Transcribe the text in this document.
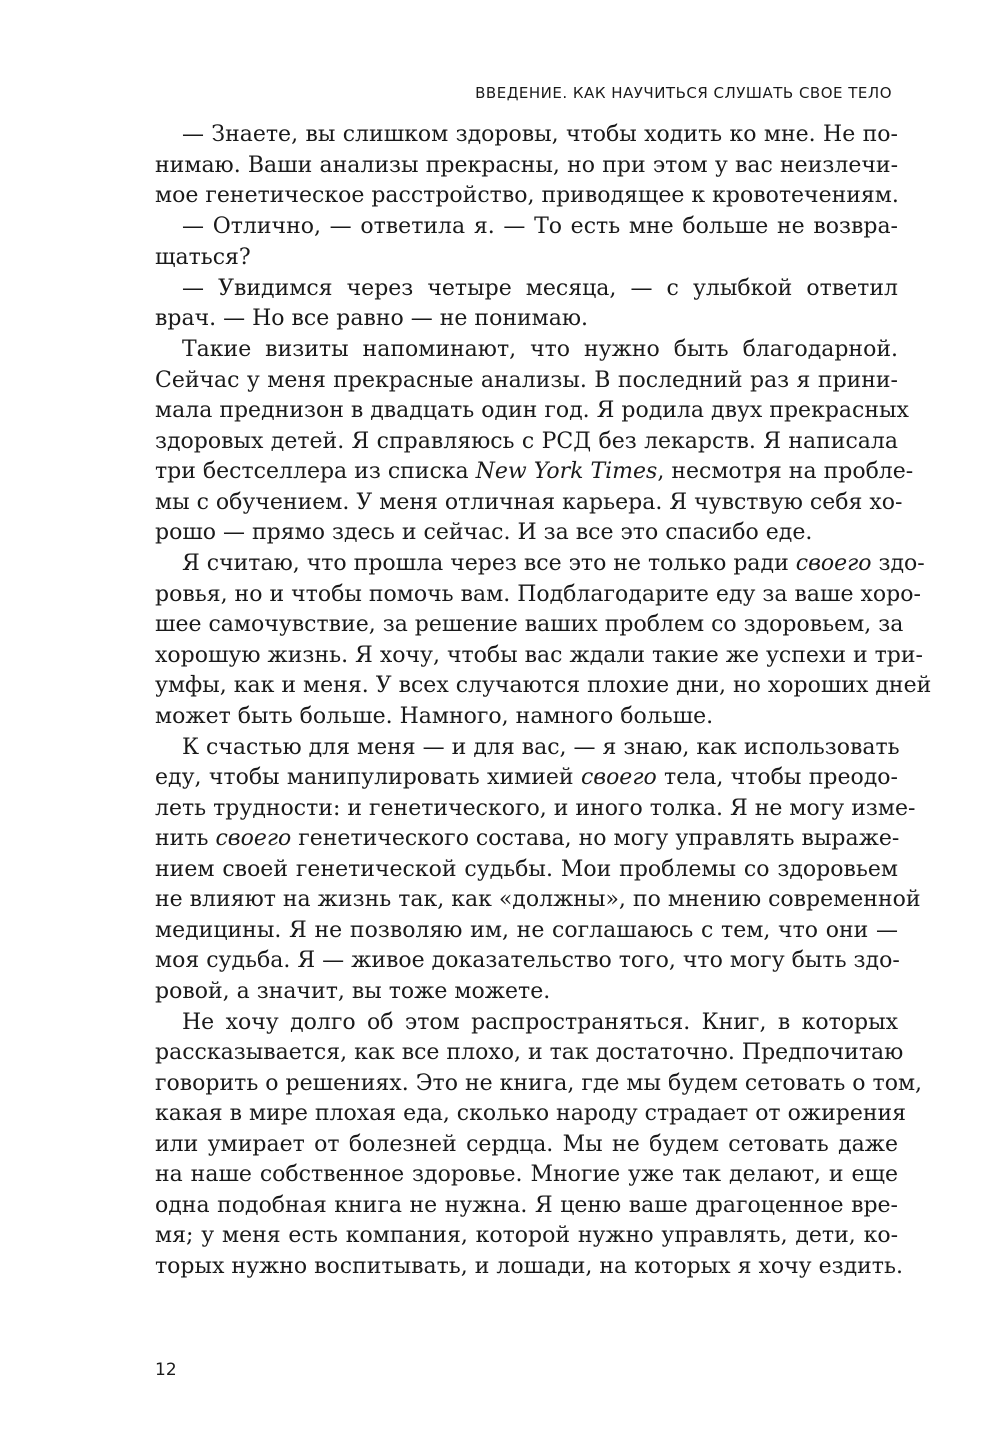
ВВЕДЕНИЕ. КАК НАУЧИТЬСЯ СЛУШАТЬ СВОЕ ТЕЛО
— Знаете, вы слишком здоровы, чтобы ходить ко мне. Не по-
нимаю. Ваши анализы прекрасны, но при этом у вас неизлечи-
мое генетическое расстройство, приводящее к кровотечениям.
— Отлично, — ответила я. — То есть мне больше не возвра-
щаться?
— Увидимся через четыре месяца, — с улыбкой ответил
врач. — Но все равно — не понимаю.
Такие визиты напоминают, что нужно быть благодарной.
Сейчас у меня прекрасные анализы. В последний раз я прини-
мала преднизон в двадцать один год. Я родила двух прекрасных
здоровых детей. Я справляюсь с РСД без лекарств. Я написала
три бестселлера из списка New York Times, несмотря на пробле-
мы с обучением. У меня отличная карьера. Я чувствую себя хо-
рошо — прямо здесь и сейчас. И за все это спасибо еде.
Я считаю, что прошла через все это не только ради своего здо-
ровья, но и чтобы помочь вам. Подблагодарите еду за ваше хоро-
шее самочувствие, за решение ваших проблем со здоровьем, за
хорошую жизнь. Я хочу, чтобы вас ждали такие же успехи и три-
умфы, как и меня. У всех случаются плохие дни, но хороших дней
может быть больше. Намного, намного больше.
К счастью для меня — и для вас, — я знаю, как использовать
еду, чтобы манипулировать химией своего тела, чтобы преодо-
леть трудности: и генетического, и иного толка. Я не могу изме-
нить своего генетического состава, но могу управлять выраже-
нием своей генетической судьбы. Мои проблемы со здоровьем
не влияют на жизнь так, как «должны», по мнению современной
медицины. Я не позволяю им, не соглашаюсь с тем, что они —
моя судьба. Я — живое доказательство того, что могу быть здо-
ровой, а значит, вы тоже можете.
Не хочу долго об этом распространяться. Книг, в которых
рассказывается, как все плохо, и так достаточно. Предпочитаю
говорить о решениях. Это не книга, где мы будем сетовать о том,
какая в мире плохая еда, сколько народу страдает от ожирения
или умирает от болезней сердца. Мы не будем сетовать даже
на наше собственное здоровье. Многие уже так делают, и еще
одна подобная книга не нужна. Я ценю ваше драгоценное вре-
мя; у меня есть компания, которой нужно управлять, дети, ко-
торых нужно воспитывать, и лошади, на которых я хочу ездить.
12
